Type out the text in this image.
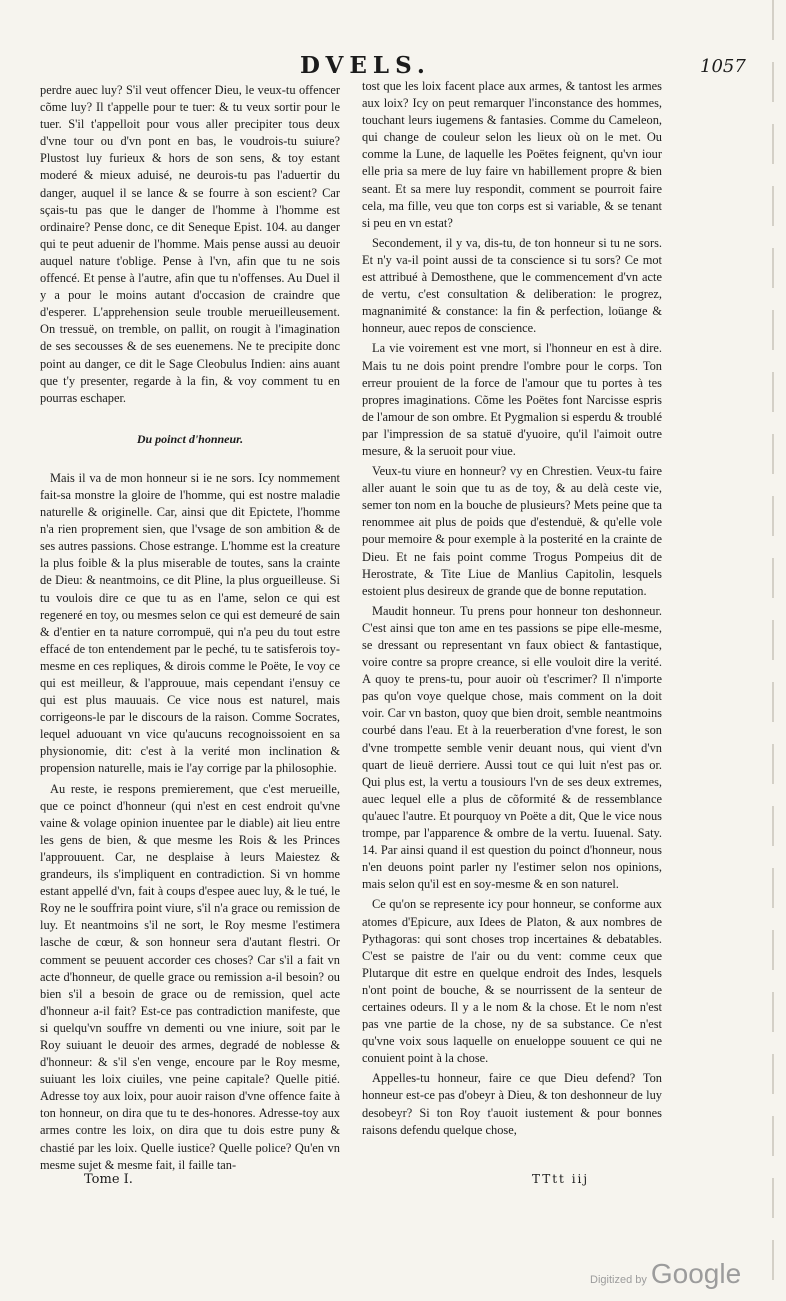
DVELS.	1057

perdre auec luy? S'il veut offencer Dieu, le veux-tu offencer cõme luy? Il t'appelle pour te tuer: & tu veux sortir pour le tuer. S'il t'appelloit pour vous aller precipiter tous deux d'vne tour ou d'vn pont en bas, le voudrois-tu suiure? Plustost luy furieux & hors de son sens, & toy estant moderé & mieux aduisé, ne deurois-tu pas l'aduertir du danger, auquel il se lance & se fourre à son escient? Car sçais-tu pas que le danger de l'homme à l'homme est ordinaire? Pense donc, ce dit Seneque Epist. 104. au danger qui te peut aduenir de l'homme. Mais pense aussi au deuoir auquel nature t'oblige. Pense à l'vn, afin que tu ne sois offencé. Et pense à l'autre, afin que tu n'offenses. Au Duel il y a pour le moins autant d'occasion de craindre que d'esperer. L'apprehension seule trouble merueilleusement. On tressuë, on tremble, on pallit, on rougit à l'imagination de ses secousses & de ses euenemens. Ne te precipite donc point au danger, ce dit le Sage Cleobulus Indien: ains auant que t'y presenter, regarde à la fin, & voy comment tu en pourras eschaper.

Du poinct d'honneur.

Mais il va de mon honneur si ie ne sors. Icy nommement fait-sa monstre la gloire de l'homme, qui est nostre maladie naturelle & originelle. Car, ainsi que dit Epictete, l'homme n'a rien proprement sien, que l'vsage de son ambition & de ses autres passions. Chose estrange. L'homme est la creature la plus foible & la plus miserable de toutes, sans la crainte de Dieu: & neantmoins, ce dit Pline, la plus orgueilleuse. Si tu voulois dire ce que tu as en l'ame, selon ce qui est regeneré en toy, ou mesmes selon ce qui est demeuré de sain & d'entier en ta nature corrompuë, qui n'a peu du tout estre effacé de ton entendement par le peché, tu te satisferois toy-mesme en ces repliques, & dirois comme le Poëte, Ie voy ce qui est meilleur, & l'approuue, mais cependant i'ensuy ce qui est plus mauuais. Ce vice nous est naturel, mais corrigeons-le par le discours de la raison. Comme Socrates, lequel aduouant vn vice qu'aucuns recognoissoient en sa physionomie, dit: c'est à la verité mon inclination & propension naturelle, mais ie l'ay corrige par la philosophie.

Au reste, ie respons premierement, que c'est merueille, que ce poinct d'honneur (qui n'est en cest endroit qu'vne vaine & volage opinion inuentee par le diable) ait lieu entre les gens de bien, & que mesme les Rois & les Princes l'approuuent. Car, ne desplaise à leurs Maiestez & grandeurs, ils s'impliquent en contradiction. Si vn homme estant appellé d'vn, fait à coups d'espee auec luy, & le tué, le Roy ne le souffrira point viure, s'il n'a grace ou remission de luy. Et neantmoins s'il ne sort, le Roy mesme l'estimera lasche de cœur, & son honneur sera d'autant flestri. Or comment se peuuent accorder ces choses? Car s'il a fait vn acte d'honneur, de quelle grace ou remission a-il besoin? ou bien s'il a besoin de grace ou de remission, quel acte d'honneur a-il fait? Est-ce pas contradiction manifeste, que si quelqu'vn souffre vn dementi ou vne iniure, soit par le Roy suiuant le deuoir des armes, degradé de noblesse & d'honneur: & s'il s'en venge, encoure par le Roy mesme, suiuant les loix ciuiles, vne peine capitale? Quelle pitié. Adresse toy aux loix, pour auoir raison d'vne offence faite à ton honneur, on dira que tu te des-honores. Adresse-toy aux armes contre les loix, on dira que tu dois estre puny & chastié par les loix. Quelle iustice? Quelle police? Qu'en vn mesme sujet & mesme fait, il faille tan-

tost que les loix facent place aux armes, & tantost les armes aux loix? Icy on peut remarquer l'inconstance des hommes, touchant leurs iugemens & fantasies. Comme du Cameleon, qui change de couleur selon les lieux où on le met. Ou comme la Lune, de laquelle les Poëtes feignent, qu'vn iour elle pria sa mere de luy faire vn habillement propre & bien seant. Et sa mere luy respondit, comment se pourroit faire cela, ma fille, veu que ton corps est si variable, & se tenant si peu en vn estat?

Secondement, il y va, dis-tu, de ton honneur si tu ne sors. Et n'y va-il point aussi de ta conscience si tu sors? Ce mot est attribué à Demosthene, que le commencement d'vn acte de vertu, c'est consultation & deliberation: le progrez, magnanimité & constance: la fin & perfection, loüange & honneur, auec repos de conscience.

La vie voirement est vne mort, si l'honneur en est à dire. Mais tu ne dois point prendre l'ombre pour le corps. Ton erreur prouient de la force de l'amour que tu portes à tes propres imaginations. Cõme les Poëtes font Narcisse espris de l'amour de son ombre. Et Pygmalion si esperdu & troublé par l'impression de sa statuë d'yuoire, qu'il l'aimoit outre mesure, & la seruoit pour viue.

Veux-tu viure en honneur? vy en Chrestien. Veux-tu faire aller auant le soin que tu as de toy, & au delà ceste vie, semer ton nom en la bouche de plusieurs? Mets peine que ta renommee ait plus de poids que d'estenduë, & qu'elle vole pour memoire & pour exemple à la posterité en la crainte de Dieu. Et ne fais point comme Trogus Pompeius dit de Herostrate, & Tite Liue de Manlius Capitolin, lesquels estoient plus desireux de grande que de bonne reputation.

Maudit honneur. Tu prens pour honneur ton deshonneur. C'est ainsi que ton ame en tes passions se pipe elle-mesme, se dressant ou representant vn faux obiect & fantastique, voire contre sa propre creance, si elle vouloit dire la verité. A quoy te prens-tu, pour auoir où t'escrimer? Il n'importe pas qu'on voye quelque chose, mais comment on la doit voir. Car vn baston, quoy que bien droit, semble neantmoins courbé dans l'eau. Et à la reuerberation d'vne forest, le son d'vne trompette semble venir deuant nous, qui vient d'vn quart de lieuë derriere. Aussi tout ce qui luit n'est pas or. Qui plus est, la vertu a tousiours l'vn de ses deux extremes, auec lequel elle a plus de cõformité & de ressemblance qu'auec l'autre. Et pourquoy vn Poëte a dit, Que le vice nous trompe, par l'apparence & ombre de la vertu. Iuuenal. Saty. 14. Par ainsi quand il est question du poinct d'honneur, nous n'en deuons point parler ny l'estimer selon nos opinions, mais selon qu'il est en soy-mesme & en son naturel.

Ce qu'on se represente icy pour honneur, se conforme aux atomes d'Epicure, aux Idees de Platon, & aux nombres de Pythagoras: qui sont choses trop incertaines & debatables. C'est se paistre de l'air ou du vent: comme ceux que Plutarque dit estre en quelque endroit des Indes, lesquels n'ont point de bouche, & se nourrissent de la senteur de certaines odeurs. Il y a le nom & la chose. Et le nom n'est pas vne partie de la chose, ny de sa substance. Ce n'est qu'vne voix sous laquelle on enueloppe souuent ce qui ne conuient point à la chose.

Appelles-tu honneur, faire ce que Dieu defend? Ton honneur est-ce pas d'obeyr à Dieu, & ton deshonneur de luy desobeyr? Si ton Roy t'auoit iustement & pour bonnes raisons defendu quelque chose,

Tome I.	TTtt iij
Digitized by Google
